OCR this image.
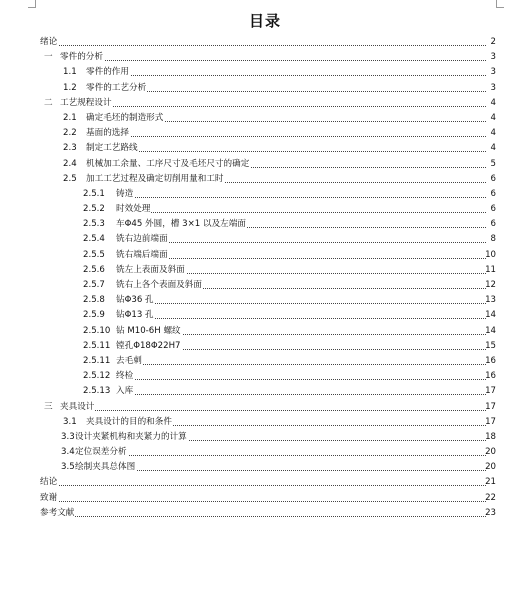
目录
绪论	2
一 零件的分析	3
1.1 零件的作用	3
1.2 零件的工艺分析	3
二 工艺规程设计	4
2.1 确定毛坯的制造形式	4
2.2 基面的选择	4
2.3 制定工艺路线	4
2.4 机械加工余量、工序尺寸及毛坯尺寸的确定	5
2.5 加工工艺过程及确定切削用量和工时	6
2.5.1 铸造	6
2.5.2 时效处理	6
2.5.3 车Φ45 外圆，槽 3×1 以及左端面	6
2.5.4 铣右边前端面	8
2.5.5 铣右端后端面	10
2.5.6 铣左上表面及斜面	11
2.5.7 铣右上各个表面及斜面	12
2.5.8 钻Φ36 孔	13
2.5.9 钻Φ13 孔	14
2.5.10 钻 M10-6H 螺纹	14
2.5.11 镗孔Φ18Φ22H7	15
2.5.11 去毛刺	16
2.5.12 终检	16
2.5.13 入库	17
三 夹具设计	17
3.1 夹具设计的目的和条件	17
3.3 设计夹紧机构和夹紧力的计算	18
3.4 定位误差分析	20
3.5 绘制夹具总体图	20
结论	21
致谢	22
参考文献	23
